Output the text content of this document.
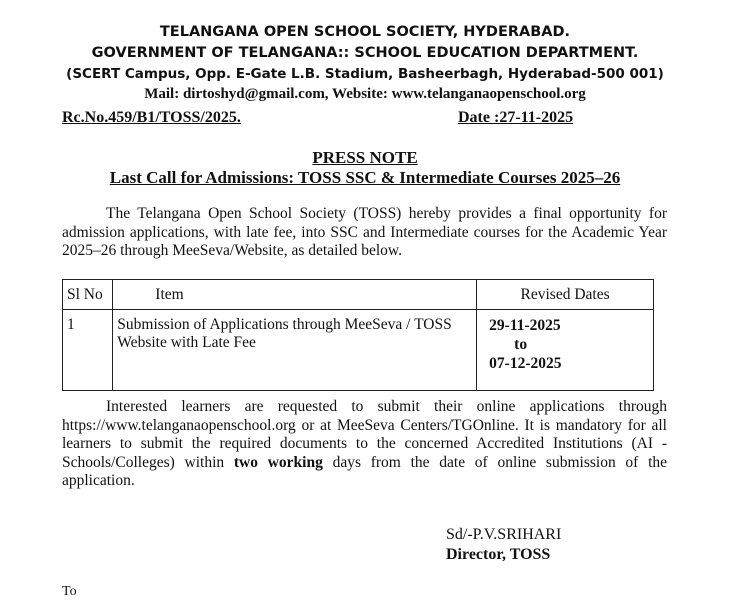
TELANGANA OPEN SCHOOL SOCIETY, HYDERABAD.
GOVERNMENT OF TELANGANA:: SCHOOL EDUCATION DEPARTMENT.
(SCERT Campus, Opp. E-Gate L.B. Stadium, Basheerbagh, Hyderabad-500 001)
Mail: dirtoshyd@gmail.com, Website: www.telanganaopenschool.org
Rc.No.459/B1/TOSS/2025.	Date :27-11-2025
PRESS NOTE
Last Call for Admissions: TOSS SSC & Intermediate Courses 2025–26
The Telangana Open School Society (TOSS) hereby provides a final opportunity for admission applications, with late fee, into SSC and Intermediate courses for the Academic Year 2025–26 through MeeSeva/Website, as detailed below.
Sl No	Item	Revised Dates
1	Submission of Applications through MeeSeva / TOSS Website with Late Fee	29-11-2025
to
07-12-2025
Interested learners are requested to submit their online applications through https://www.telanganaopenschool.org or at MeeSeva Centers/TGOnline. It is mandatory for all learners to submit the required documents to the concerned Accredited Institutions (AI - Schools/Colleges) within two working days from the date of online submission of the application.
Sd/-P.V.SRIHARI
Director, TOSS
To
